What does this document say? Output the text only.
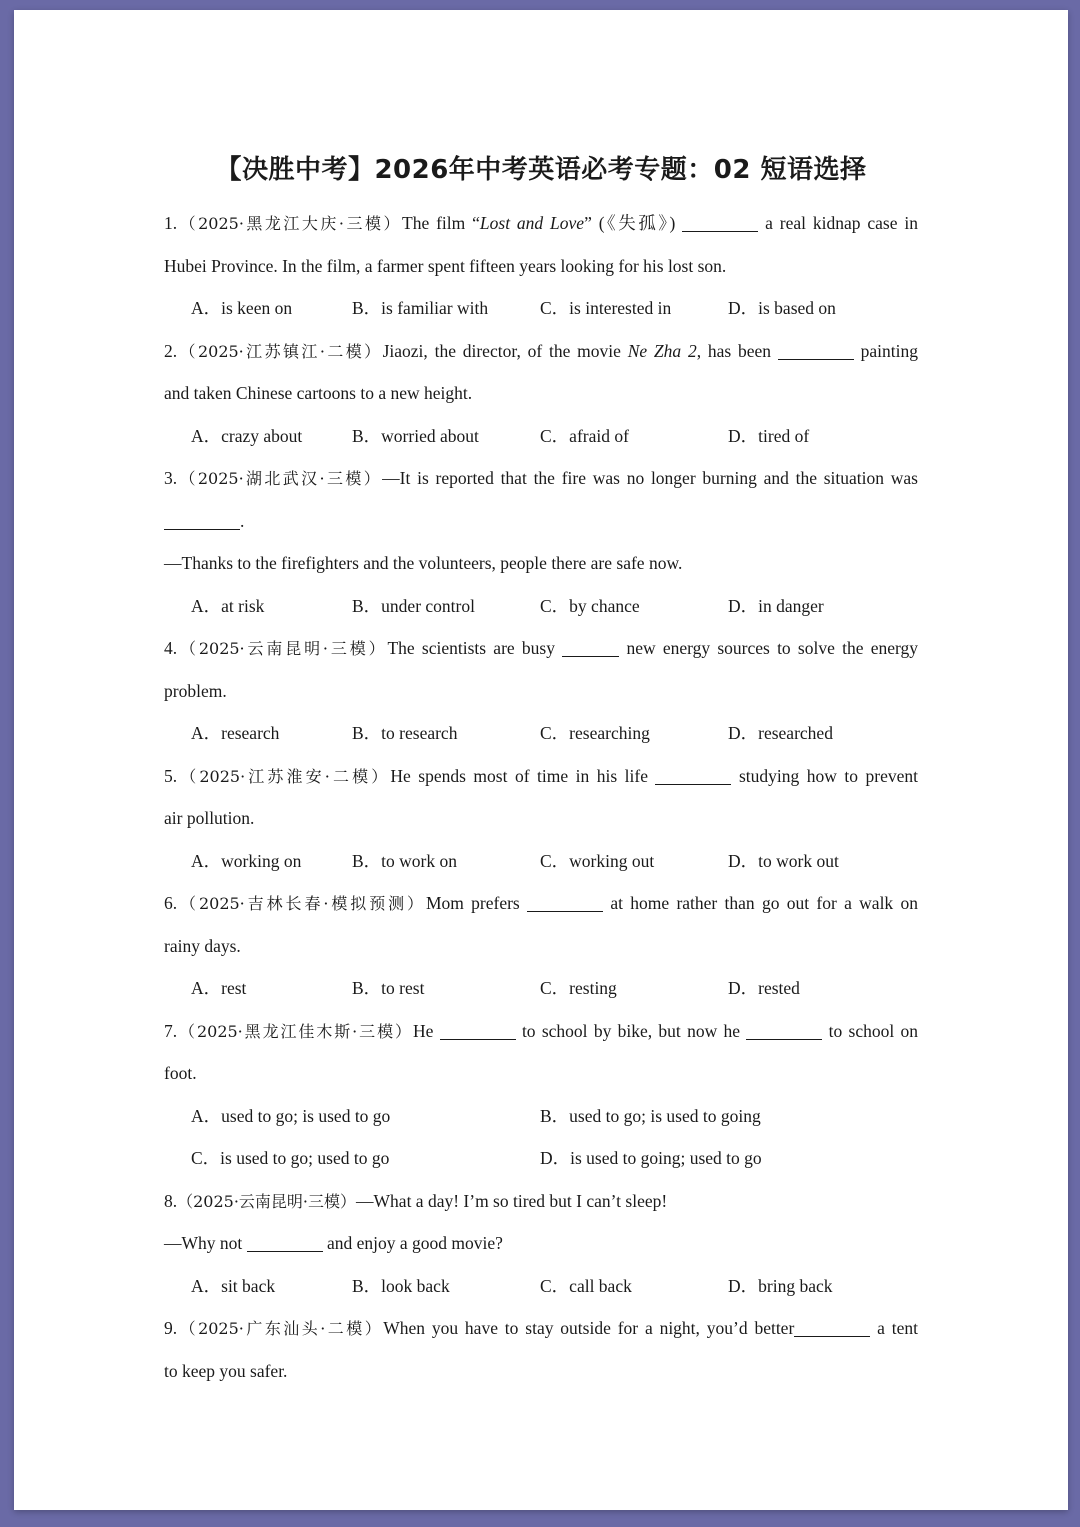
【决胜中考】2026年中考英语必考专题：02 短语选择
1.（2025·黑龙江大庆·三模）The film “Lost and Love” (《失孤》)	a real kidnap case in
Hubei Province. In the film, a farmer spent fifteen years looking for his lost son.
A．is keen on	B．is familiar with	C．is interested in	D．is based on
2.（2025·江苏镇江·二模）Jiaozi, the director, of the movie Ne Zha 2, has been	painting
and taken Chinese cartoons to a new height.
A．crazy about	B．worried about	C．afraid of	D．tired of
3.（2025·湖北武汉·三模）—It is reported that the fire was no longer burning and the situation was
.
—Thanks to the firefighters and the volunteers, people there are safe now.
A．at risk	B．under control	C．by chance	D．in danger
4.（2025·云南昆明·三模）The scientists are busy	new energy sources to solve the energy
problem.
A．research	B．to research	C．researching	D．researched
5.（2025·江苏淮安·二模）He spends most of time in his life	studying how to prevent
air pollution.
A．working on	B．to work on	C．working out	D．to work out
6.（2025·吉林长春·模拟预测）Mom prefers	at home rather than go out for a walk on
rainy days.
A．rest	B．to rest	C．resting	D．rested
7.（2025·黑龙江佳木斯·三模）He	to school by bike, but now he	to school on
foot.
A．used to go; is used to go	B．used to go; is used to going
C．is used to go; used to go	D．is used to going; used to go
8.（2025·云南昆明·三模）—What a day! I’m so tired but I can’t sleep!
—Why not	and enjoy a good movie?
A．sit back	B．look back	C．call back	D．bring back
9.（2025·广东汕头·二模）When you have to stay outside for a night, you’d better	a tent
to keep you safer.
